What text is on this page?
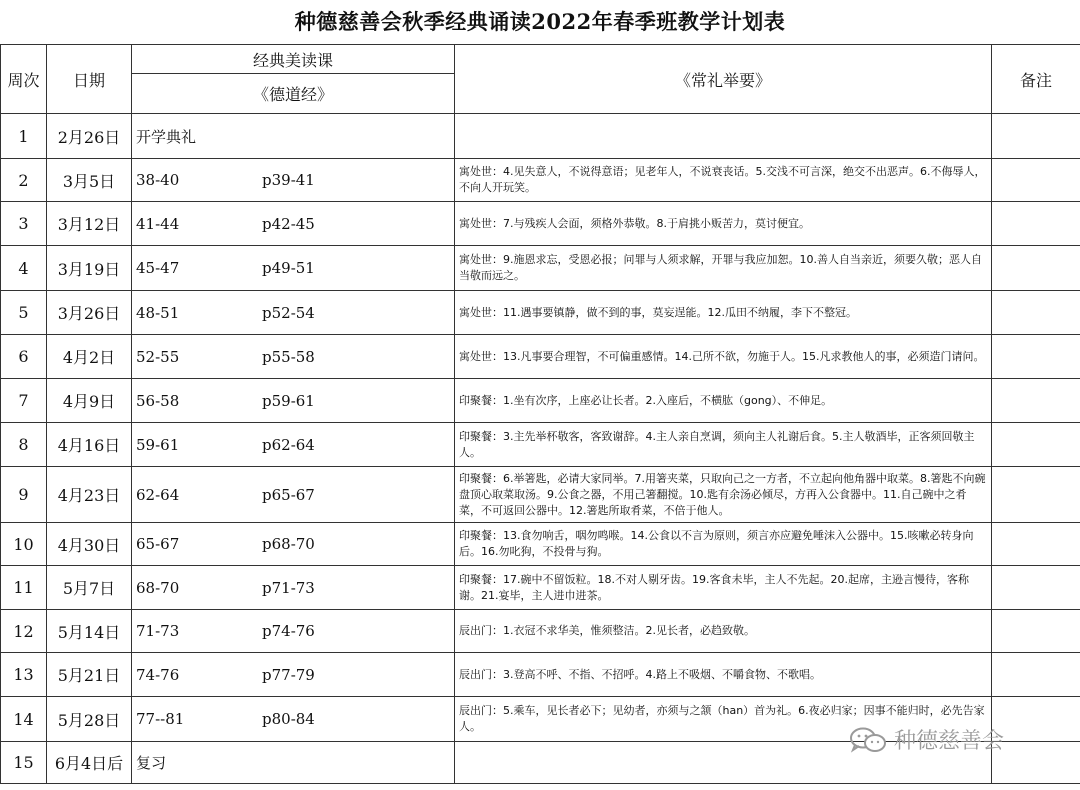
种德慈善会秋季经典诵读2022年春季班教学计划表
周次	日期	经典美读课	《常礼举要》	备注
		《德道经》		
1	2月26日	开学典礼		
2	3月5日	38-40 p39-41	寓处世：4.见失意人，不说得意语；见老年人，不说衰丧话。5.交浅不可言深，绝交不出恶声。6.不侮辱人，不向人开玩笑。	
3	3月12日	41-44 p42-45	寓处世：7.与残疾人会面，须格外恭敬。8.于肩挑小贩苦力，莫讨便宜。	
4	3月19日	45-47 p49-51	寓处世：9.施恩求忘，受恩必报；问罪与人须求解，开罪与我应加恕。10.善人自当亲近，须要久敬；恶人自当敬而远之。	
5	3月26日	48-51 p52-54	寓处世：11.遇事要镇静，做不到的事，莫妄逞能。12.瓜田不纳履，李下不整冠。	
6	4月2日	52-55 p55-58	寓处世：13.凡事要合理智，不可偏重感情。14.己所不欲，勿施于人。15.凡求教他人的事，必须造门请问。	
7	4月9日	56-58 p59-61	印聚餐：1.坐有次序，上座必让长者。2.入座后，不横肱（gong）、不伸足。	
8	4月16日	59-61 p62-64	印聚餐：3.主先举杯敬客，客致谢辞。4.主人亲自烹调，须向主人礼谢后食。5.主人敬酒毕，正客须回敬主人。	
9	4月23日	62-64 p65-67	印聚餐：6.举箸匙，必请大家同举。7.用箸夹菜，只取向己之一方者，不立起向他角器中取菜。8.箸匙不向碗盘顶心取菜取汤。9.公食之器，不用己箸翻搅。10.匙有余汤必倾尽，方再入公食器中。11.自己碗中之肴菜，不可返回公器中。12.箸匙所取肴菜，不倍于他人。	
10	4月30日	65-67 p68-70	印聚餐：13.食勿响舌，咽勿鸣喉。14.公食以不言为原则，须言亦应避免唾沫入公器中。15.咳嗽必转身向后。16.勿叱狗，不投骨与狗。	
11	5月7日	68-70 p71-73	印聚餐：17.碗中不留饭粒。18.不对人剔牙齿。19.客食未毕，主人不先起。20.起席，主逊言慢待，客称谢。21.宴毕，主人进巾进茶。	
12	5月14日	71-73 p74-76	辰出门：1.衣冠不求华美，惟须整洁。2.见长者，必趋致敬。	
13	5月21日	74-76 p77-79	辰出门：3.登高不呼、不指、不招呼。4.路上不吸烟、不嚼食物、不歌唱。	
14	5月28日	77--81 p80-84	辰出门：5.乘车，见长者必下；见幼者，亦须与之颔（han）首为礼。6.夜必归家；因事不能归时，必先告家人。	
15	6月4日后	复习		
种德慈善会
